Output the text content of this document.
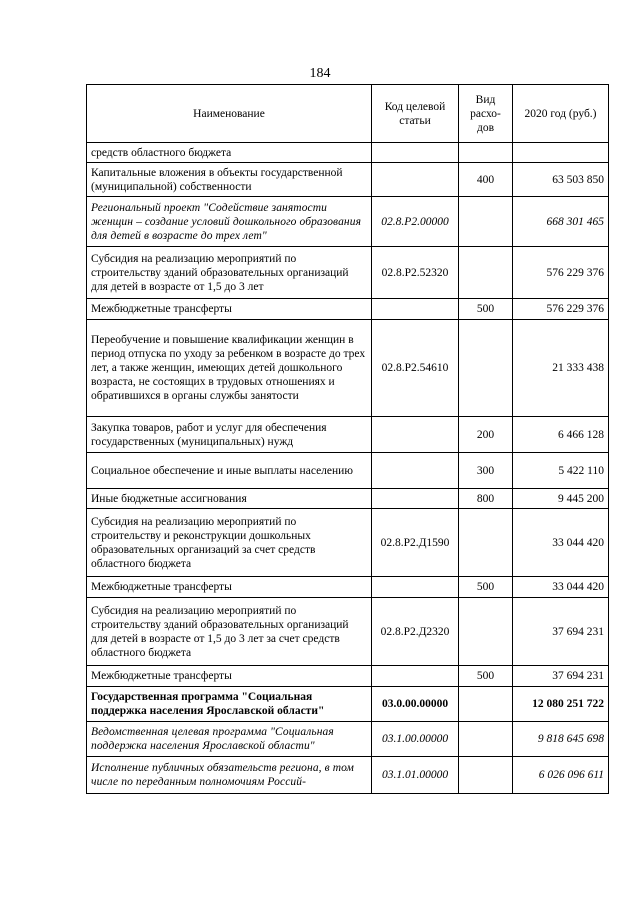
184
Наименование	Код целевой статьи	Вид расхо-дов	2020 год (руб.)
средств областного бюджета			
Капитальные вложения в объекты государственной (муниципальной) собственности		400	63 503 850
Региональный проект "Содействие занятости женщин – создание условий дошкольного образования для детей в возрасте до трех лет"	02.8.P2.00000		668 301 465
Субсидия на реализацию мероприятий по строительству зданий образовательных организаций для детей в возрасте от 1,5 до 3 лет	02.8.P2.52320		576 229 376
Межбюджетные трансферты		500	576 229 376
Переобучение и повышение квалификации женщин в период отпуска по уходу за ребенком в возрасте до трех лет, а также женщин, имеющих детей дошкольного возраста, не состоящих в трудовых отношениях и обратившихся в органы службы занятости	02.8.P2.54610		21 333 438
Закупка товаров, работ и услуг для обеспечения государственных (муниципальных) нужд		200	6 466 128
Социальное обеспечение и иные выплаты населению		300	5 422 110
Иные бюджетные ассигнования		800	9 445 200
Субсидия на реализацию мероприятий по строительству и реконструкции дошкольных образовательных организаций за счет средств областного бюджета	02.8.P2.Д1590		33 044 420
Межбюджетные трансферты		500	33 044 420
Субсидия на реализацию мероприятий по строительству зданий образовательных организаций для детей в возрасте от 1,5 до 3 лет за счет средств областного бюджета	02.8.P2.Д2320		37 694 231
Межбюджетные трансферты		500	37 694 231
Государственная программа "Социальная поддержка населения Ярославской области"	03.0.00.00000		12 080 251 722
Ведомственная целевая программа "Социальная поддержка населения Ярославской области"	03.1.00.00000		9 818 645 698
Исполнение публичных обязательств региона, в том числе по переданным полномочиям Россий-	03.1.01.00000		6 026 096 611
